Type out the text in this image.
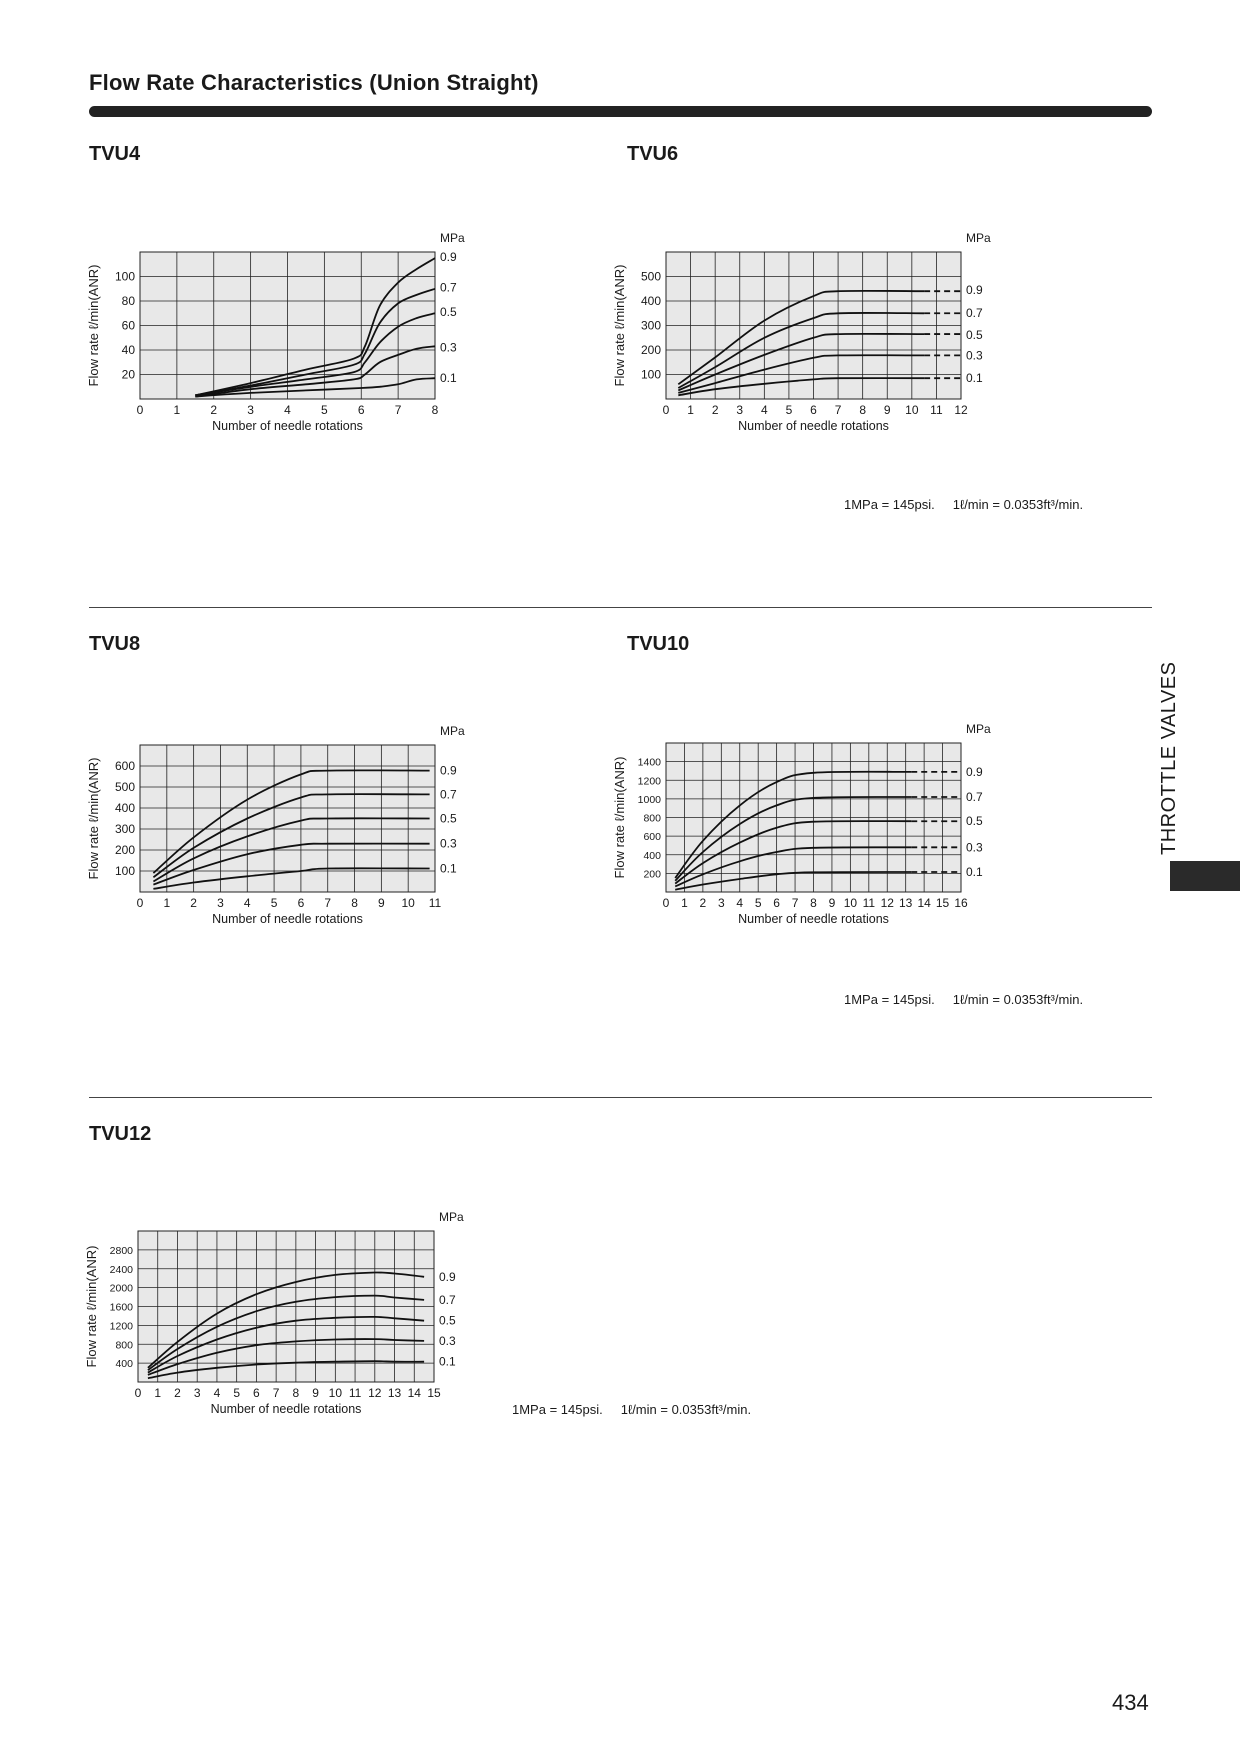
Flow Rate Characteristics (Union Straight)
TVU4	TVU6
TVU8	TVU10
TVU12
0	1	2	3	4	5	6	7	8
20
40
60
80
100
Number of needle rotations
Flow rate ℓ/min(ANR)
MPa
0.9
0.7
0.5
0.3
0.1
0 1 2 3 4 5 6 7 8 9 10 11 12
100
200
300
400
500
Number of needle rotations
Flow rate ℓ/min(ANR)
MPa
0.9
0.7
0.5
0.3
0.1
0 1 2 3 4 5 6 7 8 9 10 11
100
200
300
400
500
600
Number of needle rotations
Flow rate ℓ/min(ANR)
MPa
0.9
0.7
0.5
0.3
0.1
0 1 2 3 4 5 6 7 8 9 10 11 12 13 14 15 16
200
400
600
800
1000
1200
1400
Number of needle rotations
Flow rate ℓ/min(ANR)
MPa
0.9
0.7
0.5
0.3
0.1
0 1 2 3 4 5 6 7 8 9 10 11 12 13 14 15
400
800
1200
1600
2000
2400
2800
Number of needle rotations
Flow rate ℓ/min(ANR)
MPa
0.9
0.7
0.5
0.3
0.1
1MPa = 145psi. 1ℓ/min = 0.0353ft³/min.
1MPa = 145psi. 1ℓ/min = 0.0353ft³/min.
1MPa = 145psi. 1ℓ/min = 0.0353ft³/min.
THROTTLE VALVES
434
